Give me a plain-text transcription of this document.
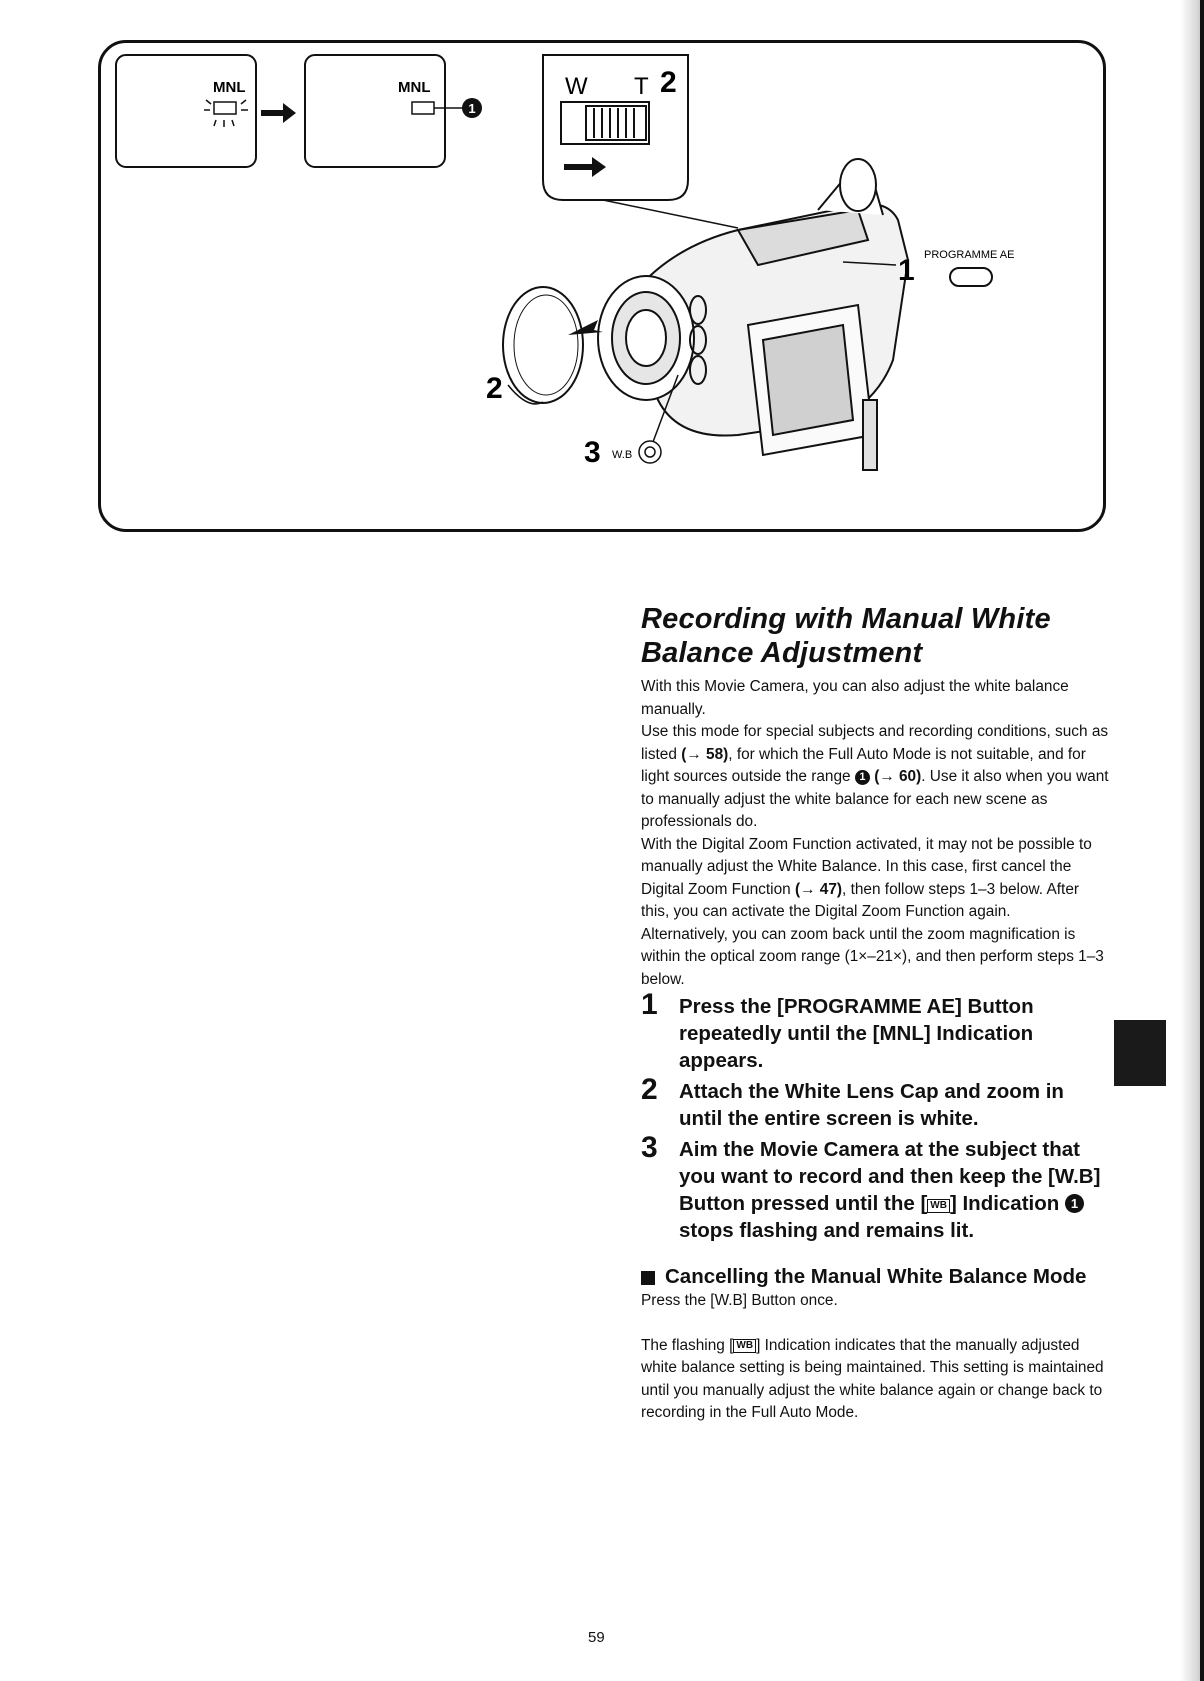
MNL	MNL
1
W T 2
2
1 PROGRAMME AE
3 W.B
Recording with Manual White
Balance Adjustment

With this Movie Camera, you can also adjust the white balance manually.

Use this mode for special subjects and recording conditions, such as listed (→ 58), for which the Full Auto Mode is not suitable, and for light sources outside the range 1 (→ 60). Use it also when you want to manually adjust the white balance for each new scene as professionals do.

With the Digital Zoom Function activated, it may not be possible to manually adjust the White Balance. In this case, first cancel the Digital Zoom Function (→ 47), then follow steps 1–3 below. After this, you can activate the Digital Zoom Function again.

Alternatively, you can zoom back until the zoom magnification is within the optical zoom range (1×–21×), and then perform steps 1–3 below.

1 Press the [PROGRAMME AE] Button repeatedly until the [MNL] Indication appears.
2 Attach the White Lens Cap and zoom in until the entire screen is white.
3 Aim the Movie Camera at the subject that you want to record and then keep the [W.B] Button pressed until the [ WB ] Indication 1 stops flashing and remains lit.
Cancelling the Manual White Balance Mode

Press the [W.B] Button once.

The flashing [ WB ] Indication indicates that the manually adjusted white balance setting is being maintained. This setting is maintained until you manually adjust the white balance again or change back to recording in the Full Auto Mode.

59
